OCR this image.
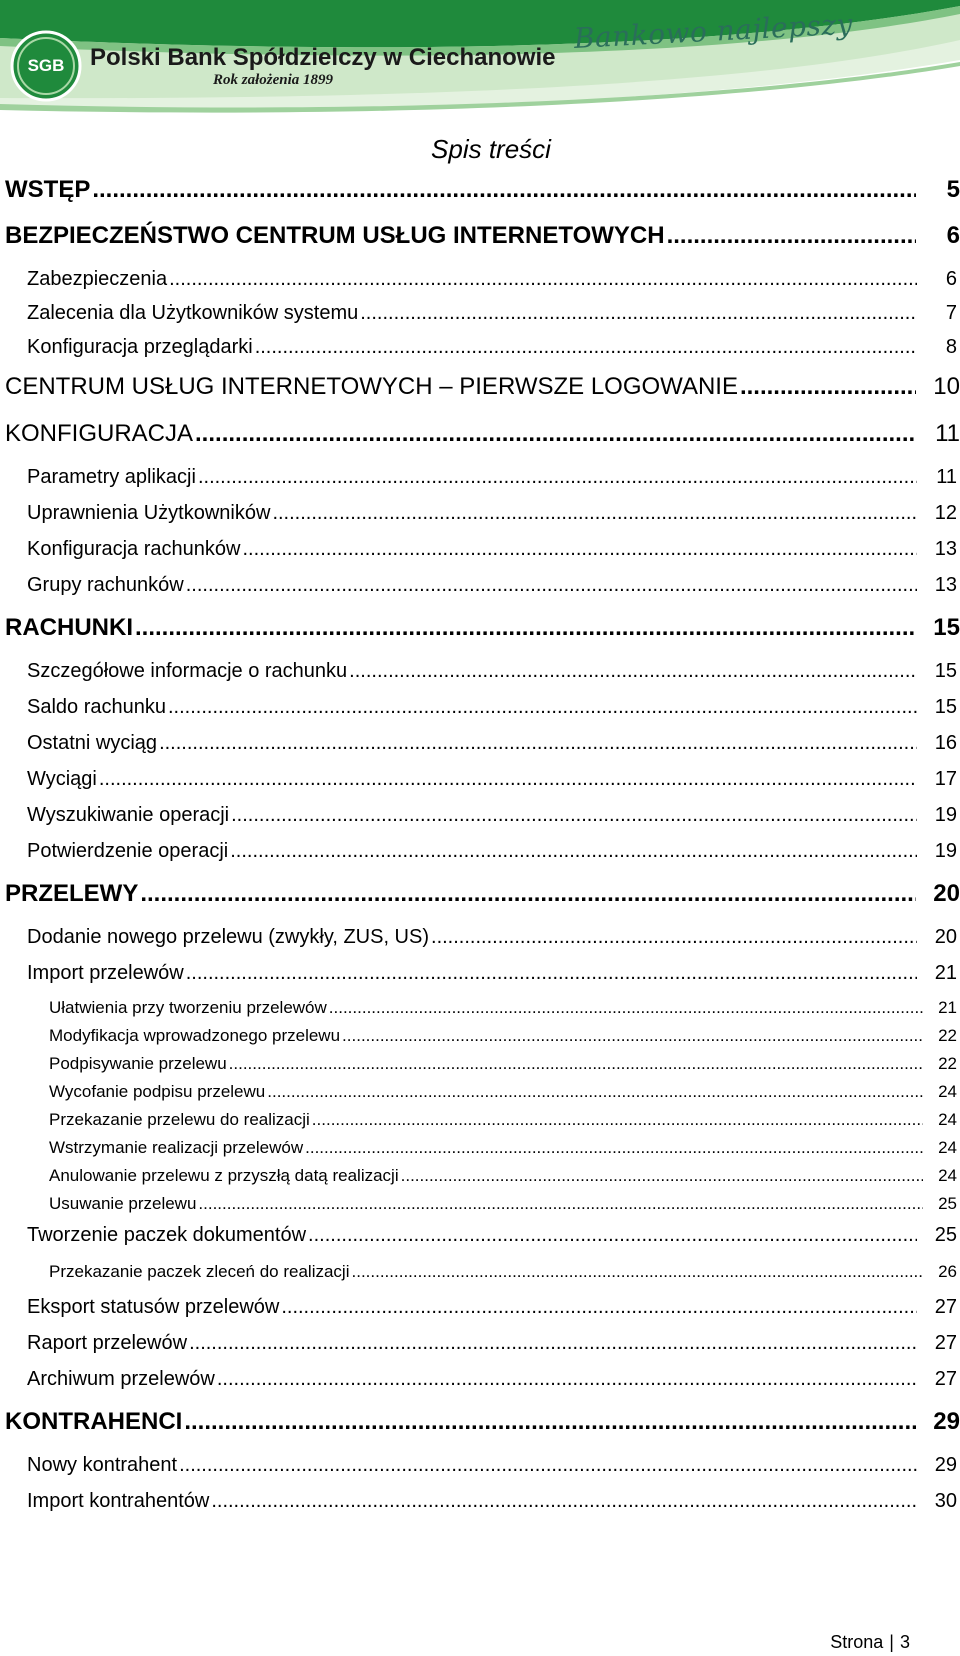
SGB	Polski Bank Spółdzielczy w Ciechanowie
Rok założenia 1899
Bankowo najlepszy
Spis treści
WSTĘP .....	5
BEZPIECZEŃSTWO CENTRUM USŁUG INTERNETOWYCH .....	6
Zabezpieczenia .....	6
Zalecenia dla Użytkowników systemu .....	7
Konfiguracja przeglądarki .....	8
CENTRUM USŁUG INTERNETOWYCH – PIERWSZE LOGOWANIE .....	10
KONFIGURACJA .....	11
Parametry aplikacji .....	11
Uprawnienia Użytkowników .....	12
Konfiguracja rachunków .....	13
Grupy rachunków .....	13
RACHUNKI .....	15
Szczegółowe informacje o rachunku .....	15
Saldo rachunku .....	15
Ostatni wyciąg .....	16
Wyciągi .....	17
Wyszukiwanie operacji .....	19
Potwierdzenie operacji .....	19
PRZELEWY .....	20
Dodanie nowego przelewu (zwykły, ZUS, US) .....	20
Import przelewów .....	21
Ułatwienia przy tworzeniu przelewów .....	21
Modyfikacja wprowadzonego przelewu .....	22
Podpisywanie przelewu .....	22
Wycofanie podpisu przelewu .....	24
Przekazanie przelewu do realizacji .....	24
Wstrzymanie realizacji przelewów .....	24
Anulowanie przelewu z przyszłą datą realizacji .....	24
Usuwanie przelewu .....	25
Tworzenie paczek dokumentów .....	25
Przekazanie paczek zleceń do realizacji .....	26
Eksport statusów przelewów .....	27
Raport przelewów .....	27
Archiwum przelewów .....	27
KONTRAHENCI .....	29
Nowy kontrahent .....	29
Import kontrahentów .....	30
Strona | 3
